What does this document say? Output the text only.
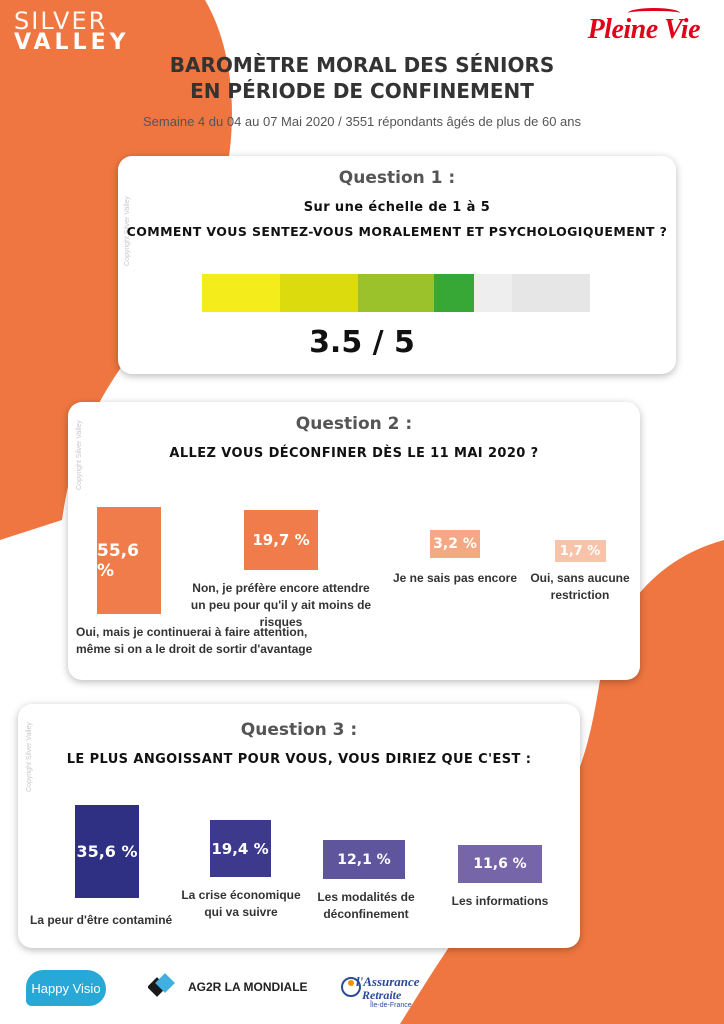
SILVER
VALLEY	Pleine Vie
BAROMÈTRE MORAL DES SÉNIORS
EN PÉRIODE DE CONFINEMENT
Semaine 4 du 04 au 07 Mai 2020 / 3551 répondants âgés de plus de 60 ans
Copyright Silver Valley
Question 1 :
Sur une échelle de 1 à 5
COMMENT VOUS SENTEZ-VOUS MORALEMENT ET PSYCHOLOGIQUEMENT ?
3.5 / 5
Copyright Silver Valley	Question 2 :
ALLEZ VOUS DÉCONFINER DÈS LE 11 MAI 2020 ?
55,6 %
Oui, mais je continuerai à faire attention,
même si on a le droit de sortir d'avantage
19,7 %
Non, je préfère encore attendre
un peu pour qu'il y ait moins de risques
3,2 %
Je ne sais pas encore
1,7 %
Oui, sans aucune
restriction
Copyright Silver Valley	Question 3 :
LE PLUS ANGOISSANT POUR VOUS, VOUS DIRIEZ QUE C'EST :
35,6 %
La peur d'être contaminé
19,4 %
La crise économique
qui va suivre
12,1 %
Les modalités de
déconfinement
11,6 %
Les informations
Happy Visio	AG2R LA MONDIALE	l'Assurance
Retraite
Île-de-France
